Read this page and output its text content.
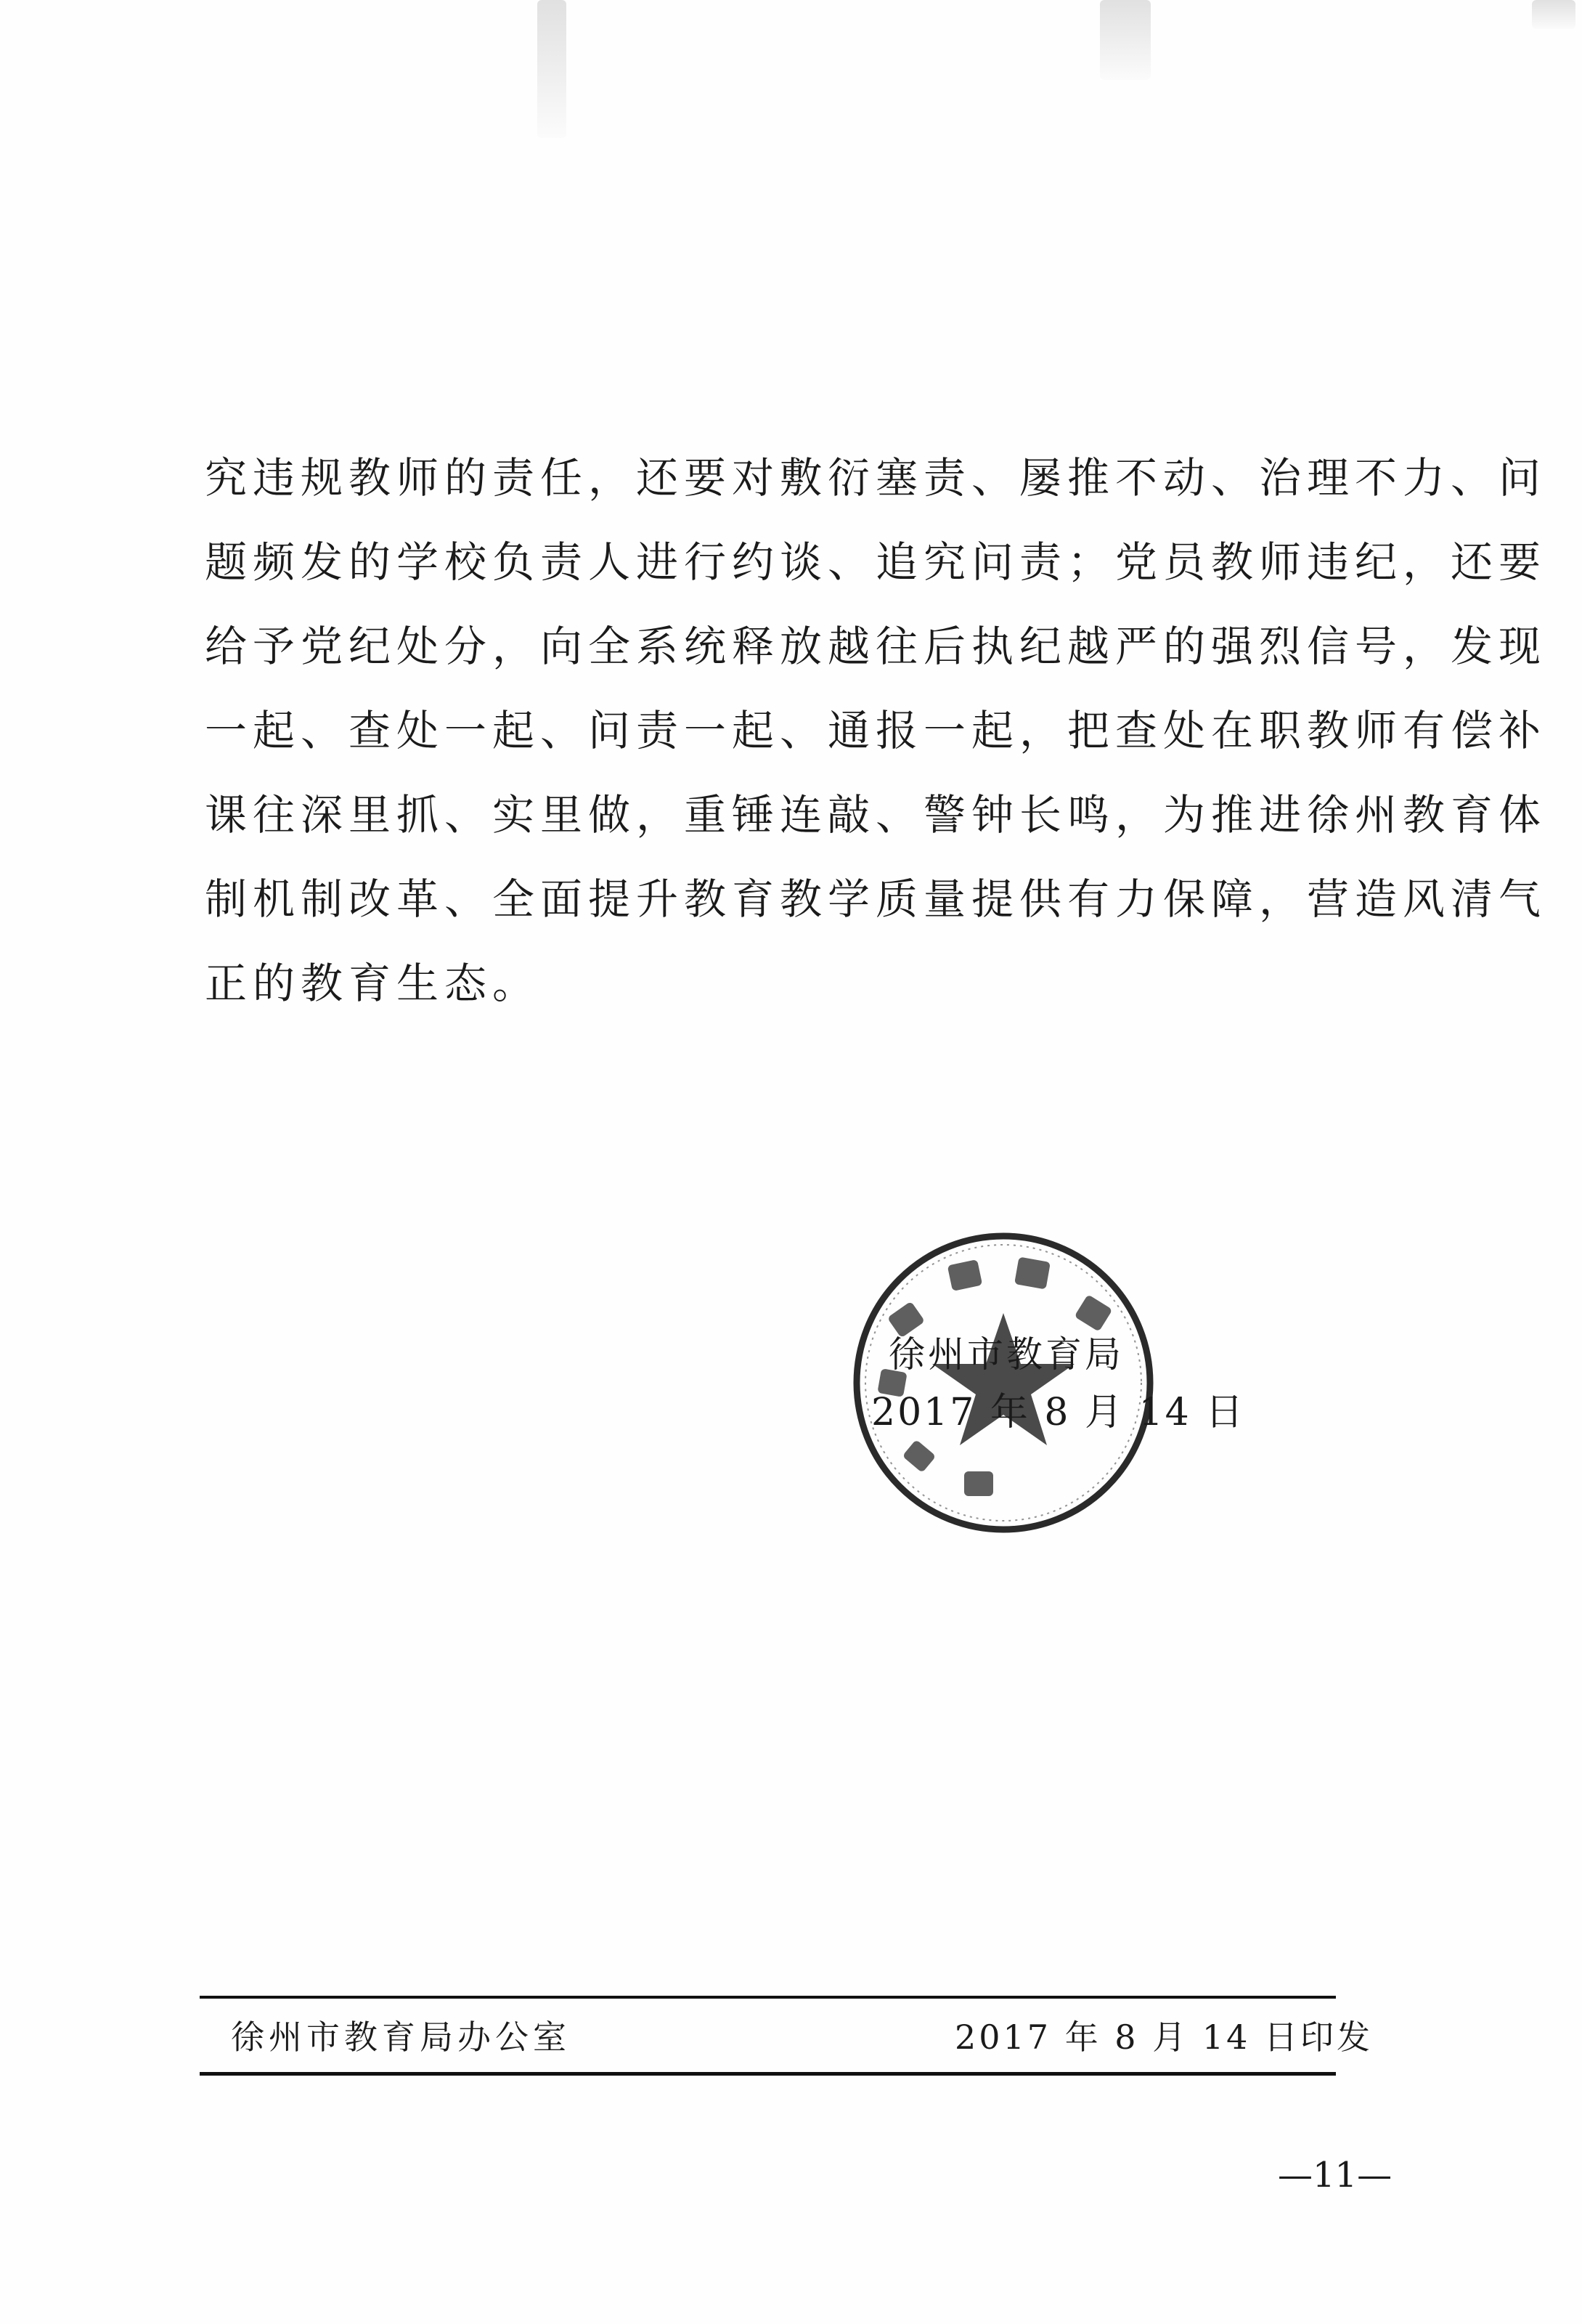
究违规教师的责任，还要对敷衍塞责、屡推不动、治理不力、问
题频发的学校负责人进行约谈、追究问责；党员教师违纪，还要
给予党纪处分，向全系统释放越往后执纪越严的强烈信号，发现
一起、查处一起、问责一起、通报一起，把查处在职教师有偿补
课往深里抓、实里做，重锤连敲、警钟长鸣，为推进徐州教育体
制机制改革、全面提升教育教学质量提供有力保障，营造风清气
正的教育生态。
徐州市教育局
2017 年 8 月 14 日
徐州市教育局办公室	2017 年 8 月 14 日印发
—11—
